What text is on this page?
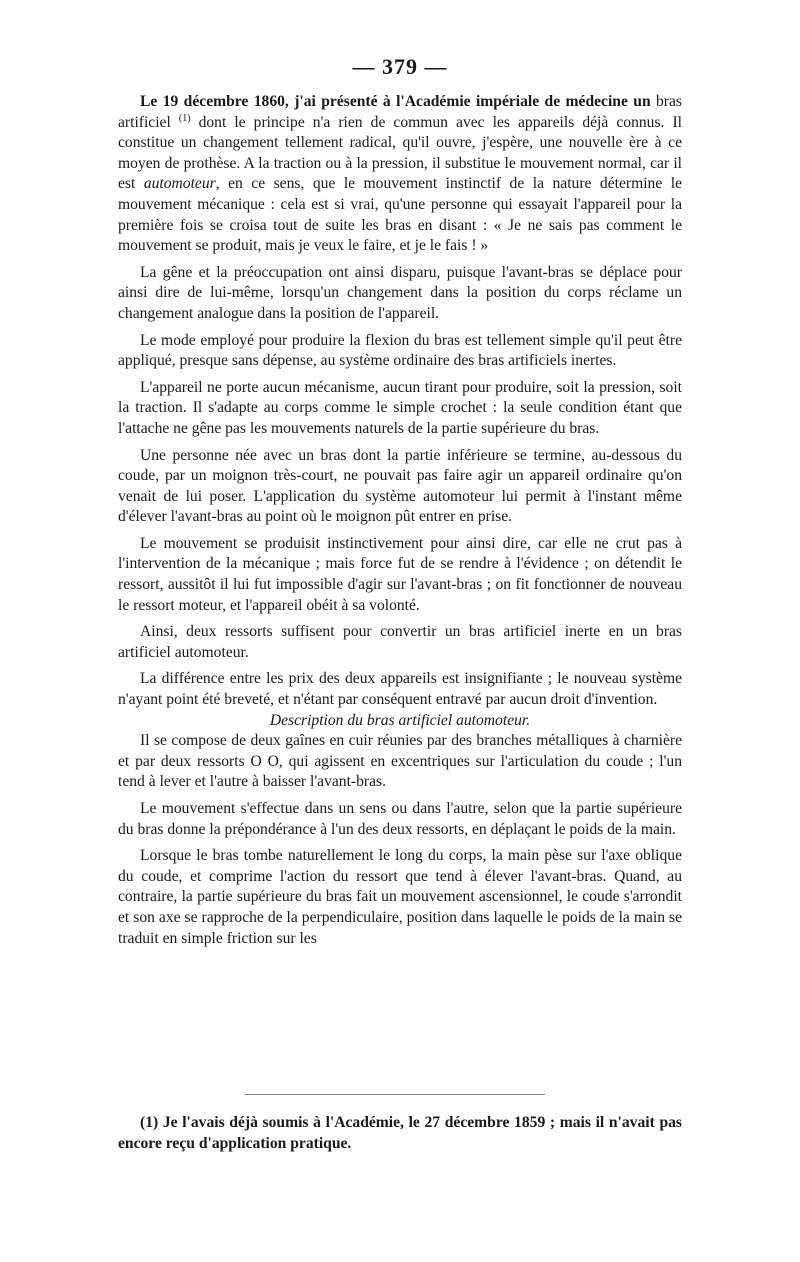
— 379 —

Le 19 décembre 1860, j'ai présenté à l'Académie impériale de médecine un bras artificiel $^{(1)}$ dont le principe n'a rien de commun avec les appareils déjà connus. Il constitue un changement tellement radical, qu'il ouvre, j'espère, une nouvelle ère à ce moyen de prothèse. A la traction ou à la pression, il substitue le mouvement normal, car il est automoteur, en ce sens, que le mouvement instinctif de la nature détermine le mouvement mécanique : cela est si vrai, qu'une personne qui essayait l'appareil pour la première fois se croisa tout de suite les bras en disant : « Je ne sais pas comment le mouvement se produit, mais je veux le faire, et je le fais ! »

La gêne et la préoccupation ont ainsi disparu, puisque l'avant-bras se déplace pour ainsi dire de lui-même, lorsqu'un changement dans la position du corps réclame un changement analogue dans la position de l'appareil.

Le mode employé pour produire la flexion du bras est tellement simple qu'il peut être appliqué, presque sans dépense, au système ordinaire des bras artificiels inertes.

L'appareil ne porte aucun mécanisme, aucun tirant pour produire, soit la pression, soit la traction. Il s'adapte au corps comme le simple crochet : la seule condition étant que l'attache ne gêne pas les mouvements naturels de la partie supérieure du bras.

Une personne née avec un bras dont la partie inférieure se termine, au-dessous du coude, par un moignon très-court, ne pouvait pas faire agir un appareil ordinaire qu'on venait de lui poser. L'application du système automoteur lui permit à l'instant même d'élever l'avant-bras au point où le moignon pût entrer en prise.

Le mouvement se produisit instinctivement pour ainsi dire, car elle ne crut pas à l'intervention de la mécanique ; mais force fut de se rendre à l'évidence ; on détendit le ressort, aussitôt il lui fut impossible d'agir sur l'avant-bras ; on fit fonctionner de nouveau le ressort moteur, et l'appareil obéit à sa volonté.

Ainsi, deux ressorts suffisent pour convertir un bras artificiel inerte en un bras artificiel automoteur.

La différence entre les prix des deux appareils est insignifiante ; le nouveau système n'ayant point été breveté, et n'étant par conséquent entravé par aucun droit d'invention.

Description du bras artificiel automoteur.

Il se compose de deux gaînes en cuir réunies par des branches métalliques à charnière et par deux ressorts O O, qui agissent en excentriques sur l'articulation du coude ; l'un tend à lever et l'autre à baisser l'avant-bras.

Le mouvement s'effectue dans un sens ou dans l'autre, selon que la partie supérieure du bras donne la prépondérance à l'un des deux ressorts, en déplaçant le poids de la main.

Lorsque le bras tombe naturellement le long du corps, la main pèse sur l'axe oblique du coude, et comprime l'action du ressort que tend à élever l'avant-bras. Quand, au contraire, la partie supérieure du bras fait un mouvement ascensionnel, le coude s'arrondit et son axe se rapproche de la perpendiculaire, position dans laquelle le poids de la main se traduit en simple friction sur les

(1) Je l'avais déjà soumis à l'Académie, le 27 décembre 1859 ; mais il n'avait pas encore reçu d'application pratique.
